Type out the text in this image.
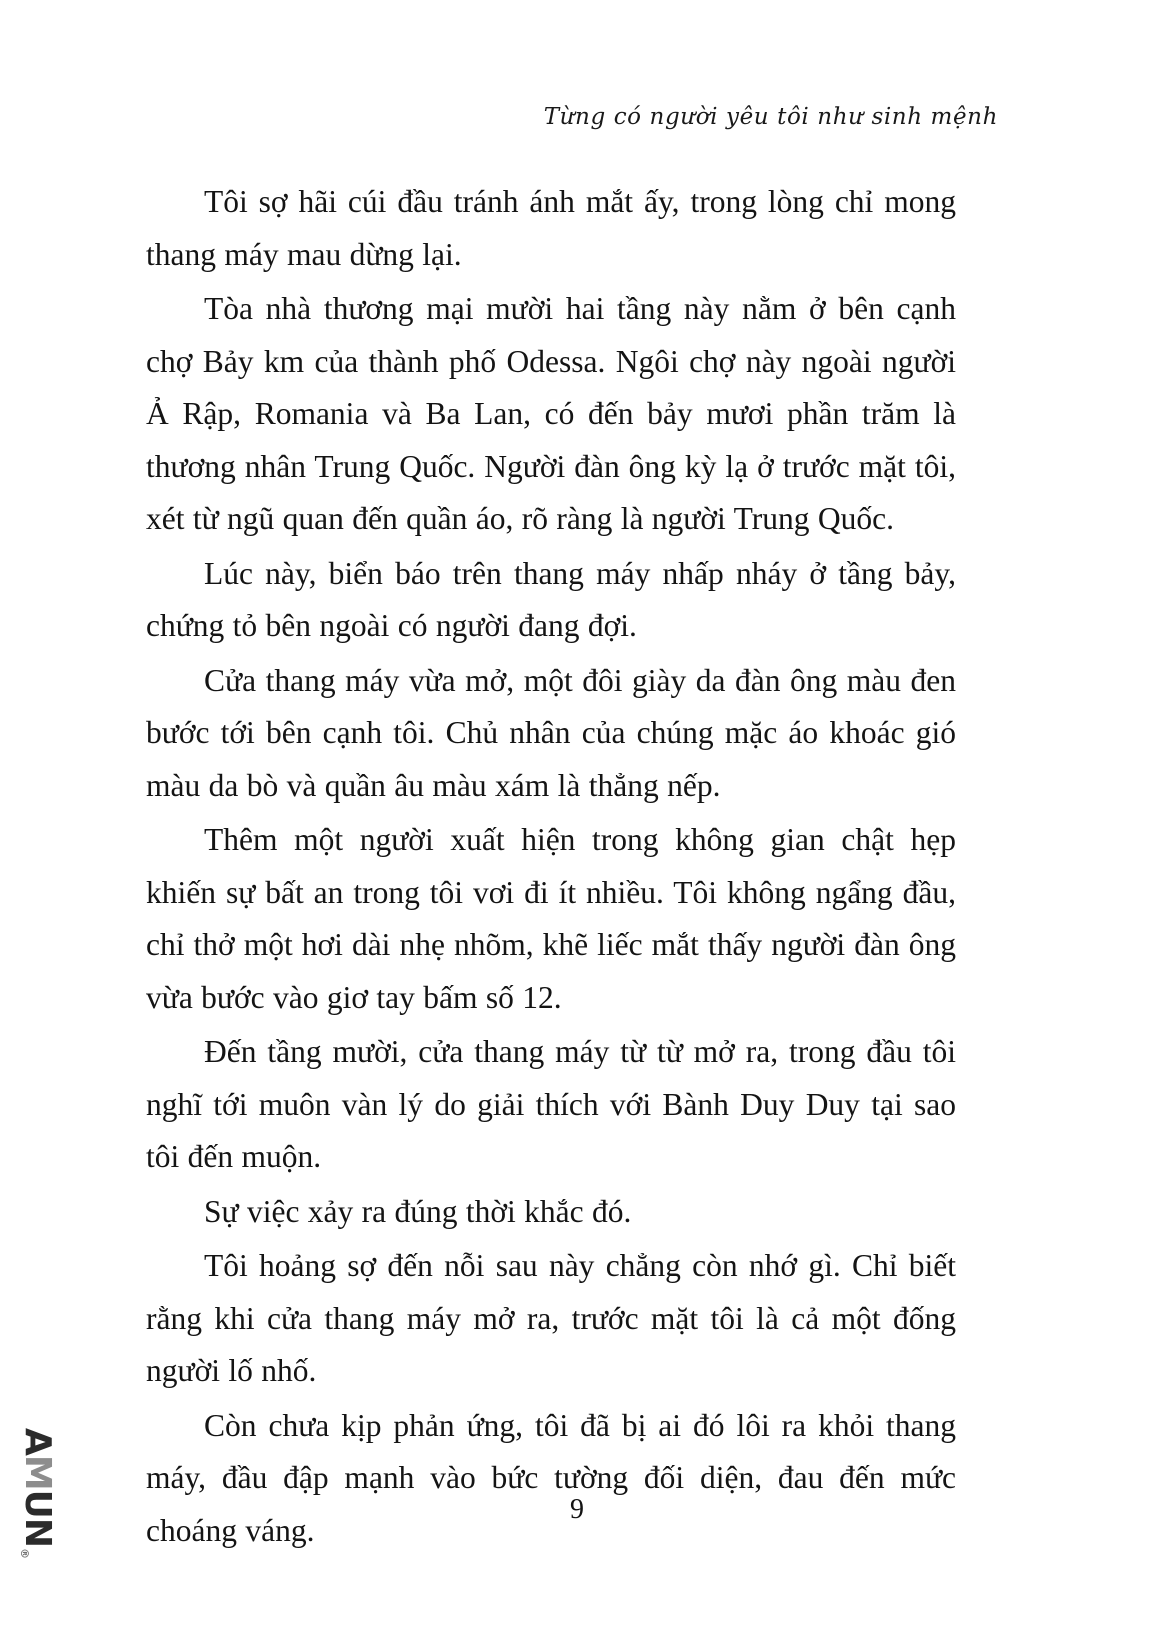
Từng có người yêu tôi như sinh mệnh

Tôi sợ hãi cúi đầu tránh ánh mắt ấy, trong lòng chỉ mong thang máy mau dừng lại.

Tòa nhà thương mại mười hai tầng này nằm ở bên cạnh chợ Bảy km của thành phố Odessa. Ngôi chợ này ngoài người Ả Rập, Romania và Ba Lan, có đến bảy mươi phần trăm là thương nhân Trung Quốc. Người đàn ông kỳ lạ ở trước mặt tôi, xét từ ngũ quan đến quần áo, rõ ràng là người Trung Quốc.

Lúc này, biển báo trên thang máy nhấp nháy ở tầng bảy, chứng tỏ bên ngoài có người đang đợi.

Cửa thang máy vừa mở, một đôi giày da đàn ông màu đen bước tới bên cạnh tôi. Chủ nhân của chúng mặc áo khoác gió màu da bò và quần âu màu xám là thẳng nếp.

Thêm một người xuất hiện trong không gian chật hẹp khiến sự bất an trong tôi vơi đi ít nhiều. Tôi không ngẩng đầu, chỉ thở một hơi dài nhẹ nhõm, khẽ liếc mắt thấy người đàn ông vừa bước vào giơ tay bấm số 12.

Đến tầng mười, cửa thang máy từ từ mở ra, trong đầu tôi nghĩ tới muôn vàn lý do giải thích với Bành Duy Duy tại sao tôi đến muộn.

Sự việc xảy ra đúng thời khắc đó.

Tôi hoảng sợ đến nỗi sau này chẳng còn nhớ gì. Chỉ biết rằng khi cửa thang máy mở ra, trước mặt tôi là cả một đống người lố nhố.

Còn chưa kịp phản ứng, tôi đã bị ai đó lôi ra khỏi thang máy, đầu đập mạnh vào bức tường đối diện, đau đến mức choáng váng.

A
M
U
N
®
9
